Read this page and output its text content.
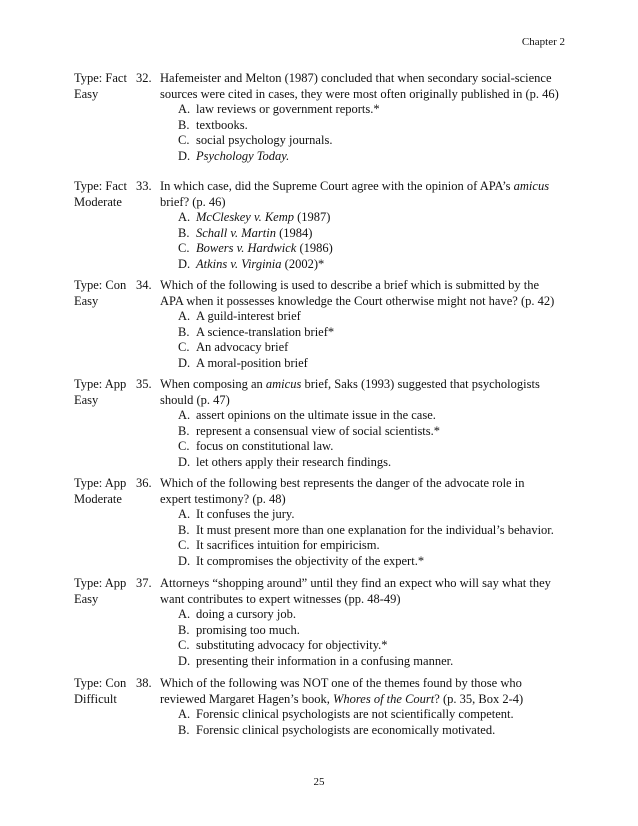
Chapter 2
Type: Fact
Easy
32. Hafemeister and Melton (1987) concluded that when secondary social-science
sources were cited in cases, they were most often originally published in (p. 46)
A. law reviews or government reports.*
B. textbooks.
C. social psychology journals.
D. Psychology Today.
Type: Fact
Moderate
33. In which case, did the Supreme Court agree with the opinion of APA’s amicus
brief? (p. 46)
A. McCleskey v. Kemp (1987)
B. Schall v. Martin (1984)
C. Bowers v. Hardwick (1986)
D. Atkins v. Virginia (2002)*
Type: Con
Easy
34. Which of the following is used to describe a brief which is submitted by the
APA when it possesses knowledge the Court otherwise might not have? (p. 42)
A. A guild-interest brief
B. A science-translation brief*
C. An advocacy brief
D. A moral-position brief
Type: App
Easy
35. When composing an amicus brief, Saks (1993) suggested that psychologists
should (p. 47)
A. assert opinions on the ultimate issue in the case.
B. represent a consensual view of social scientists.*
C. focus on constitutional law.
D. let others apply their research findings.
Type: App
Moderate
36. Which of the following best represents the danger of the advocate role in
expert testimony? (p. 48)
A. It confuses the jury.
B. It must present more than one explanation for the individual’s behavior.
C. It sacrifices intuition for empiricism.
D. It compromises the objectivity of the expert.*
Type: App
Easy
37. Attorneys “shopping around” until they find an expect who will say what they
want contributes to expert witnesses (pp. 48-49)
A. doing a cursory job.
B. promising too much.
C. substituting advocacy for objectivity.*
D. presenting their information in a confusing manner.
Type: Con
Difficult
38. Which of the following was NOT one of the themes found by those who
reviewed Margaret Hagen’s book, Whores of the Court? (p. 35, Box 2-4)
A. Forensic clinical psychologists are not scientifically competent.
B. Forensic clinical psychologists are economically motivated.
25
